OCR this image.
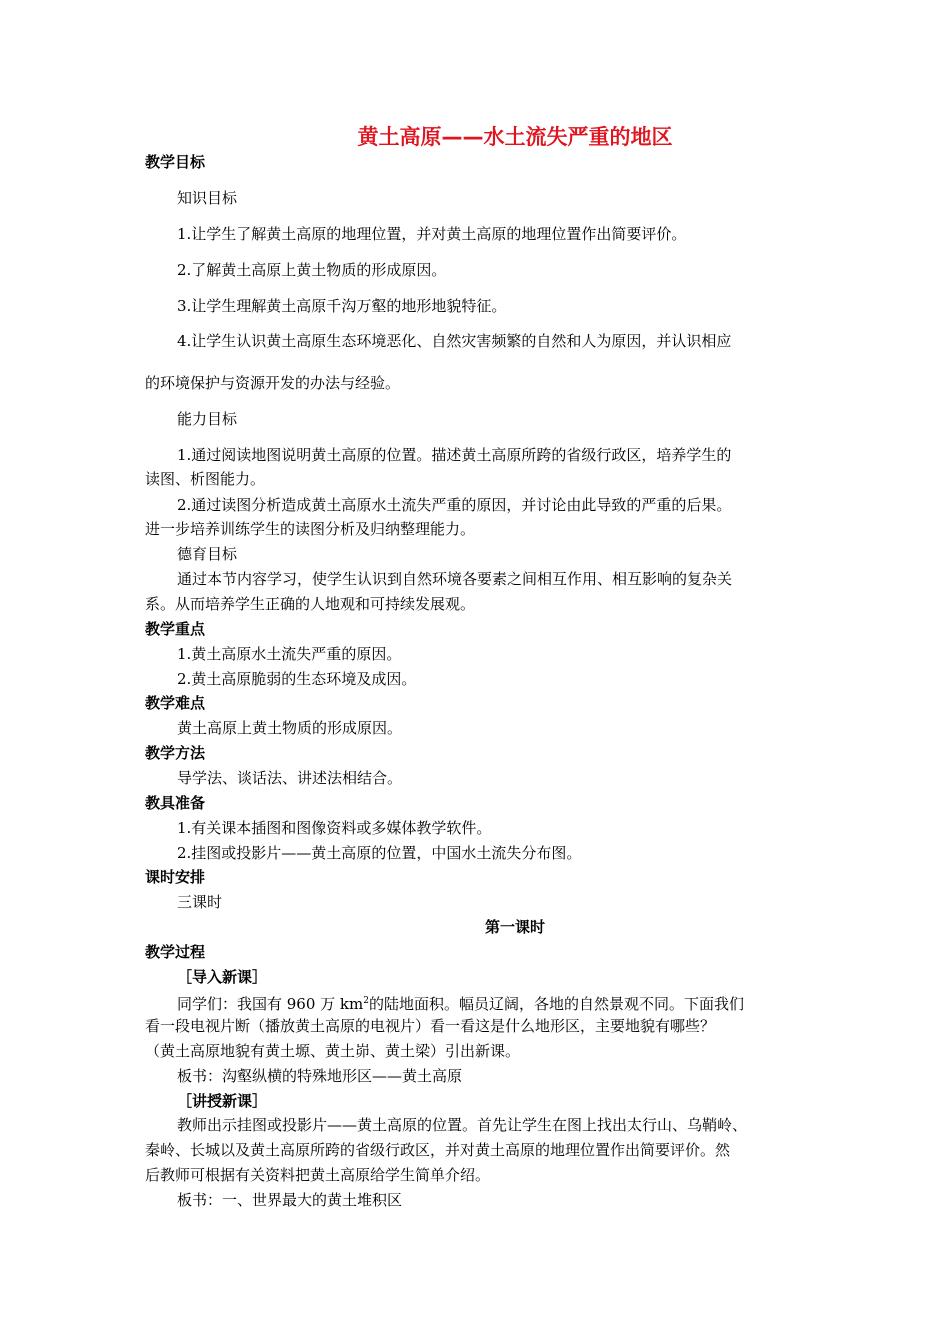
黄土高原——水土流失严重的地区
教学目标
知识目标
1.让学生了解黄土高原的地理位置，并对黄土高原的地理位置作出简要评价。
2.了解黄土高原上黄土物质的形成原因。
3.让学生理解黄土高原千沟万壑的地形地貌特征。
4.让学生认识黄土高原生态环境恶化、自然灾害频繁的自然和人为原因，并认识相应
的环境保护与资源开发的办法与经验。
能力目标
1.通过阅读地图说明黄土高原的位置。描述黄土高原所跨的省级行政区，培养学生的
读图、析图能力。
2.通过读图分析造成黄土高原水土流失严重的原因，并讨论由此导致的严重的后果。
进一步培养训练学生的读图分析及归纳整理能力。
德育目标
通过本节内容学习，使学生认识到自然环境各要素之间相互作用、相互影响的复杂关
系。从而培养学生正确的人地观和可持续发展观。
教学重点
1.黄土高原水土流失严重的原因。
2.黄土高原脆弱的生态环境及成因。
教学难点
黄土高原上黄土物质的形成原因。
教学方法
导学法、谈话法、讲述法相结合。
教具准备
1.有关课本插图和图像资料或多媒体教学软件。
2.挂图或投影片——黄土高原的位置，中国水土流失分布图。
课时安排
三课时
第一课时
教学过程
［导入新课］
同学们：我国有 960 万 $km^2$的陆地面积。幅员辽阔，各地的自然景观不同。下面我们
看一段电视片断（播放黄土高原的电视片）看一看这是什么地形区，主要地貌有哪些？
（黄土高原地貌有黄土塬、黄土峁、黄土梁）引出新课。
板书：沟壑纵横的特殊地形区——黄土高原
［讲授新课］
教师出示挂图或投影片——黄土高原的位置。首先让学生在图上找出太行山、乌鞘岭、
秦岭、长城以及黄土高原所跨的省级行政区，并对黄土高原的地理位置作出简要评价。然
后教师可根据有关资料把黄土高原给学生简单介绍。
板书：一、世界最大的黄土堆积区
